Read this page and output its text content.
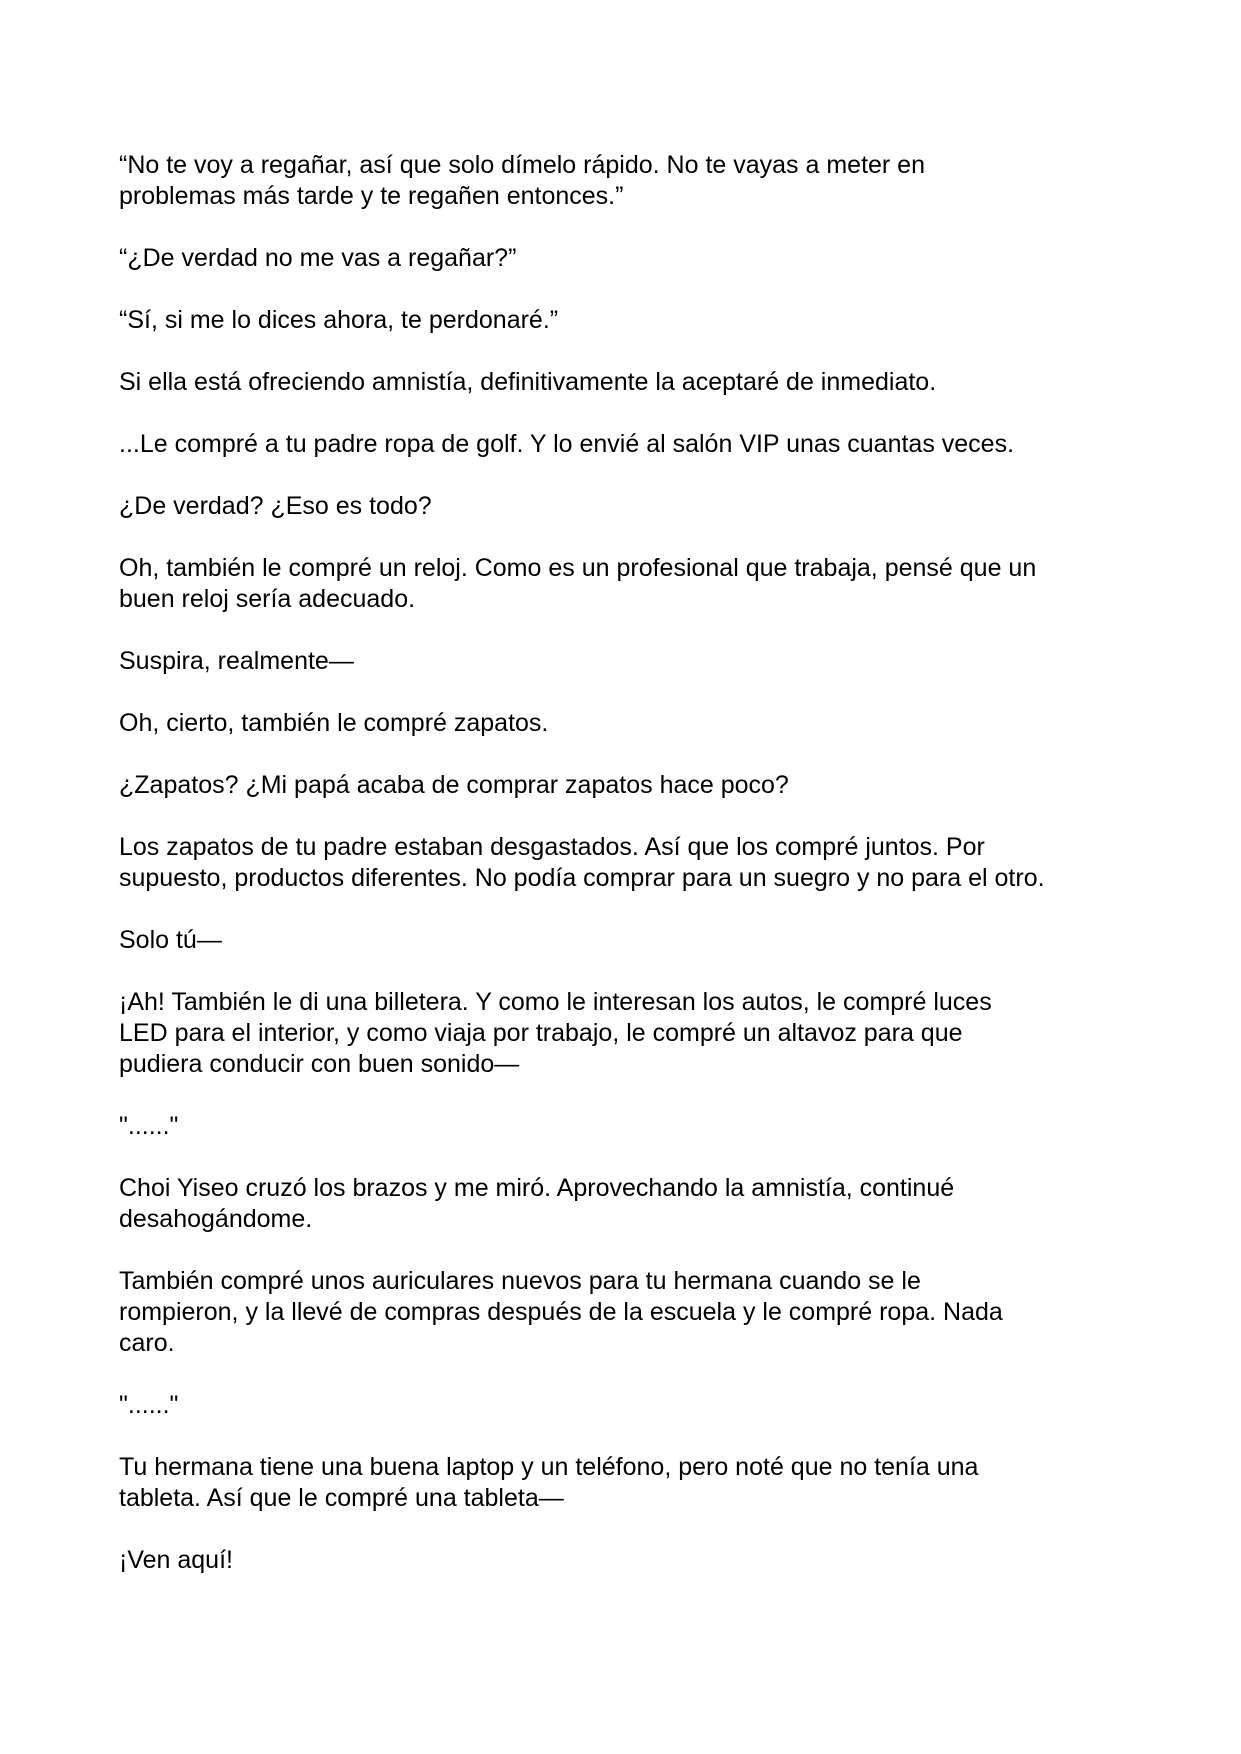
“No te voy a regañar, así que solo dímelo rápido. No te vayas a meter en
problemas más tarde y te regañen entonces.”

“¿De verdad no me vas a regañar?”

“Sí, si me lo dices ahora, te perdonaré.”

Si ella está ofreciendo amnistía, definitivamente la aceptaré de inmediato.

...Le compré a tu padre ropa de golf. Y lo envié al salón VIP unas cuantas veces.

¿De verdad? ¿Eso es todo?

Oh, también le compré un reloj. Como es un profesional que trabaja, pensé que un
buen reloj sería adecuado.

Suspira, realmente—

Oh, cierto, también le compré zapatos.

¿Zapatos? ¿Mi papá acaba de comprar zapatos hace poco?

Los zapatos de tu padre estaban desgastados. Así que los compré juntos. Por
supuesto, productos diferentes. No podía comprar para un suegro y no para el otro.

Solo tú—

¡Ah! También le di una billetera. Y como le interesan los autos, le compré luces
LED para el interior, y como viaja por trabajo, le compré un altavoz para que
pudiera conducir con buen sonido—

"......"

Choi Yiseo cruzó los brazos y me miró. Aprovechando la amnistía, continué
desahogándome.

También compré unos auriculares nuevos para tu hermana cuando se le
rompieron, y la llevé de compras después de la escuela y le compré ropa. Nada
caro.

"......"

Tu hermana tiene una buena laptop y un teléfono, pero noté que no tenía una
tableta. Así que le compré una tableta—

¡Ven aquí!
